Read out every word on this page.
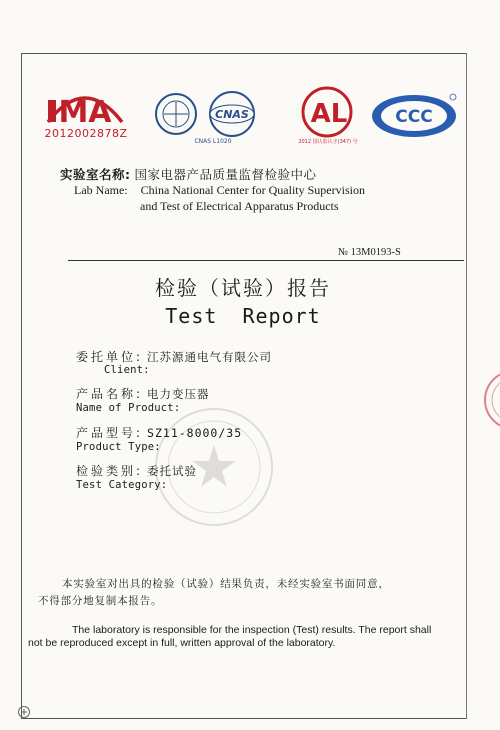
MA
2012002878Z
CNAS
CNAS L1020
AL
2012 国认监认字(347) 号
CCC
实验室名称: 国家电器产品质量监督检验中心
Lab Name: China National Center for Quality Supervision
and Test of Electrical Apparatus Products
№ 13M0193-S
检验（试验）报告
Test Report
委托单位: 江苏源通电气有限公司
Client:
产品名称: 电力变压器
Name of Product:
产品型号: SZ11-8000/35
Product Type:
检验类别: 委托试验
Test Category:
本实验室对出具的检验（试验）结果负责，未经实验室书面同意，
不得部分地复制本报告。
The laboratory is responsible for the inspection (Test) results. The report shall
not be reproduced except in full, written approval of the laboratory.
